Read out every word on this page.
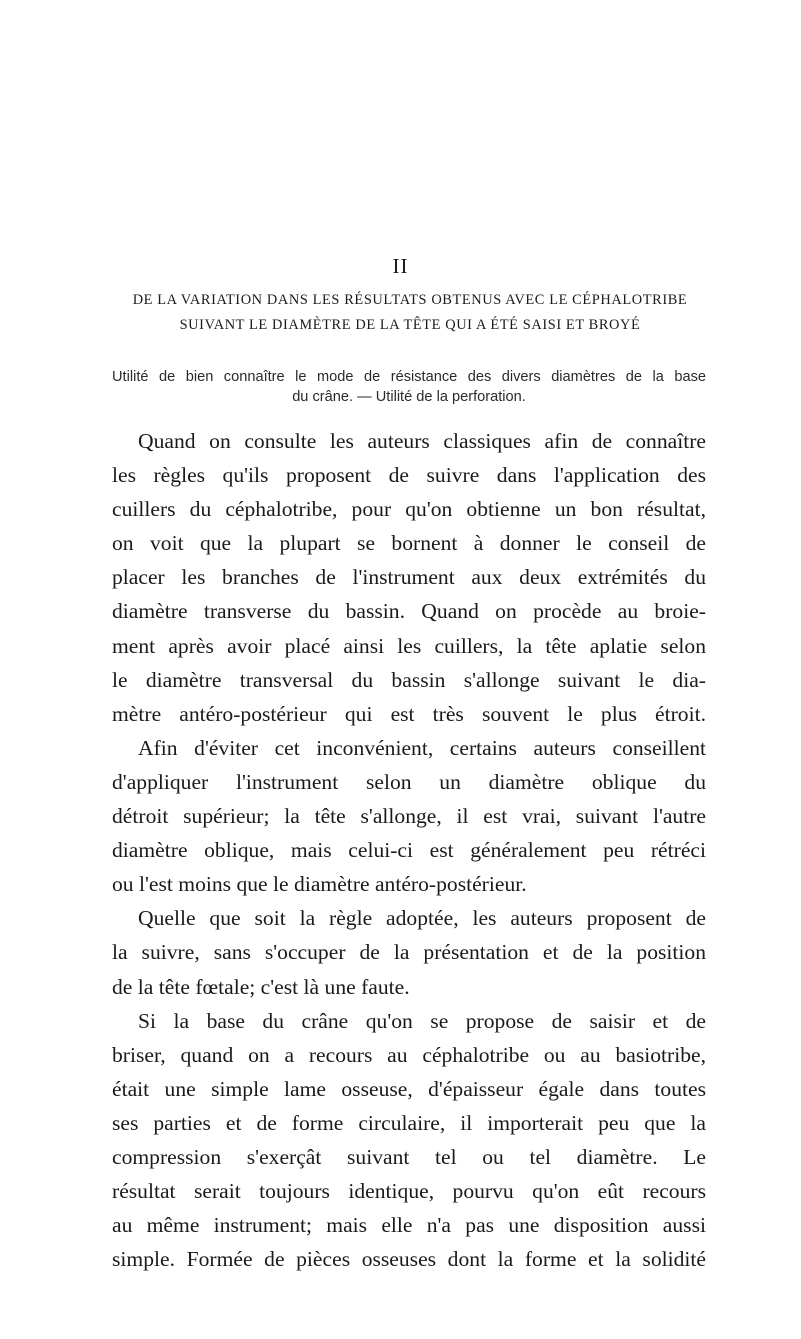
II
DE LA VARIATION DANS LES RÉSULTATS OBTENUS AVEC LE CÉPHALOTRIBE
SUIVANT LE DIAMÈTRE DE LA TÊTE QUI A ÉTÉ SAISI ET BROYÉ
Utilité de bien connaître le mode de résistance des divers diamètres de la base
du crâne. — Utilité de la perforation.
Quand on consulte les auteurs classiques afin de connaître
les règles qu'ils proposent de suivre dans l'application des
cuillers du céphalotribe, pour qu'on obtienne un bon résultat,
on voit que la plupart se bornent à donner le conseil de
placer les branches de l'instrument aux deux extrémités du
diamètre transverse du bassin. Quand on procède au broie-
ment après avoir placé ainsi les cuillers, la tête aplatie selon
le diamètre transversal du bassin s'allonge suivant le dia-
mètre antéro-postérieur qui est très souvent le plus étroit.
Afin d'éviter cet inconvénient, certains auteurs conseillent
d'appliquer l'instrument selon un diamètre oblique du
détroit supérieur; la tête s'allonge, il est vrai, suivant l'autre
diamètre oblique, mais celui-ci est généralement peu rétréci
ou l'est moins que le diamètre antéro-postérieur.
Quelle que soit la règle adoptée, les auteurs proposent de
la suivre, sans s'occuper de la présentation et de la position
de la tête fœtale; c'est là une faute.
Si la base du crâne qu'on se propose de saisir et de
briser, quand on a recours au céphalotribe ou au basiotribe,
était une simple lame osseuse, d'épaisseur égale dans toutes
ses parties et de forme circulaire, il importerait peu que la
compression s'exerçât suivant tel ou tel diamètre. Le
résultat serait toujours identique, pourvu qu'on eût recours
au même instrument; mais elle n'a pas une disposition aussi
simple. Formée de pièces osseuses dont la forme et la solidité
